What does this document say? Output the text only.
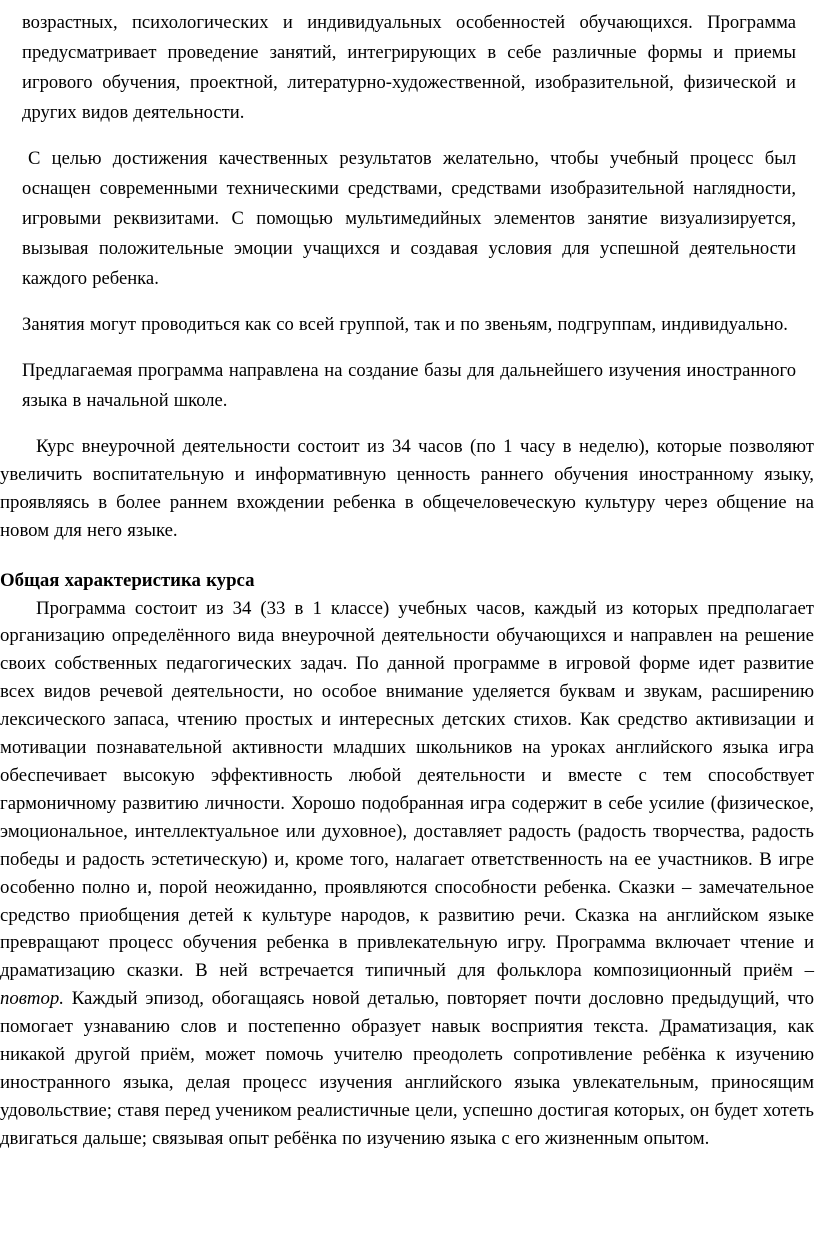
возрастных, психологических и индивидуальных особенностей обучающихся. Программа предусматривает проведение занятий, интегрирующих в себе различные формы и приемы игрового обучения, проектной, литературно-художественной, изобразительной, физической и других видов деятельности.

С целью достижения качественных результатов желательно, чтобы учебный процесс был оснащен современными техническими средствами, средствами изобразительной наглядности, игровыми реквизитами. С помощью мультимедийных элементов занятие визуализируется, вызывая положительные эмоции учащихся и создавая условия для успешной деятельности каждого ребенка.

Занятия могут проводиться как со всей группой, так и по звеньям, подгруппам, индивидуально.

Предлагаемая программа направлена на создание базы для дальнейшего изучения иностранного языка в начальной школе.

Курс внеурочной деятельности состоит из 34 часов (по 1 часу в неделю), которые позволяют увеличить воспитательную и информативную ценность раннего обучения иностранному языку, проявляясь в более раннем вхождении ребенка в общечеловеческую культуру через общение на новом для него языке.

Общая характеристика курса

Программа состоит из 34 (33 в 1 классе) учебных часов, каждый из которых предполагает организацию определённого вида внеурочной деятельности обучающихся и направлен на решение своих собственных педагогических задач. По данной программе в игровой форме идет развитие всех видов речевой деятельности, но особое внимание уделяется буквам и звукам, расширению лексического запаса, чтению простых и интересных детских стихов. Как средство активизации и мотивации познавательной активности младших школьников на уроках английского языка игра обеспечивает высокую эффективность любой деятельности и вместе с тем способствует гармоничному развитию личности. Хорошо подобранная игра содержит в себе усилие (физическое, эмоциональное, интеллектуальное или духовное), доставляет радость (радость творчества, радость победы и радость эстетическую) и, кроме того, налагает ответственность на ее участников. В игре особенно полно и, порой неожиданно, проявляются способности ребенка. Сказки – замечательное средство приобщения детей к культуре народов, к развитию речи. Сказка на английском языке превращают процесс обучения ребенка в привлекательную игру. Программа включает чтение и драматизацию сказки. В ней встречается типичный для фольклора композиционный приём – повтор. Каждый эпизод, обогащаясь новой деталью, повторяет почти дословно предыдущий, что помогает узнаванию слов и постепенно образует навык восприятия текста. Драматизация, как никакой другой приём, может помочь учителю преодолеть сопротивление ребёнка к изучению иностранного языка, делая процесс изучения английского языка увлекательным, приносящим удовольствие; ставя перед учеником реалистичные цели, успешно достигая которых, он будет хотеть двигаться дальше; связывая опыт ребёнка по изучению языка с его жизненным опытом.
